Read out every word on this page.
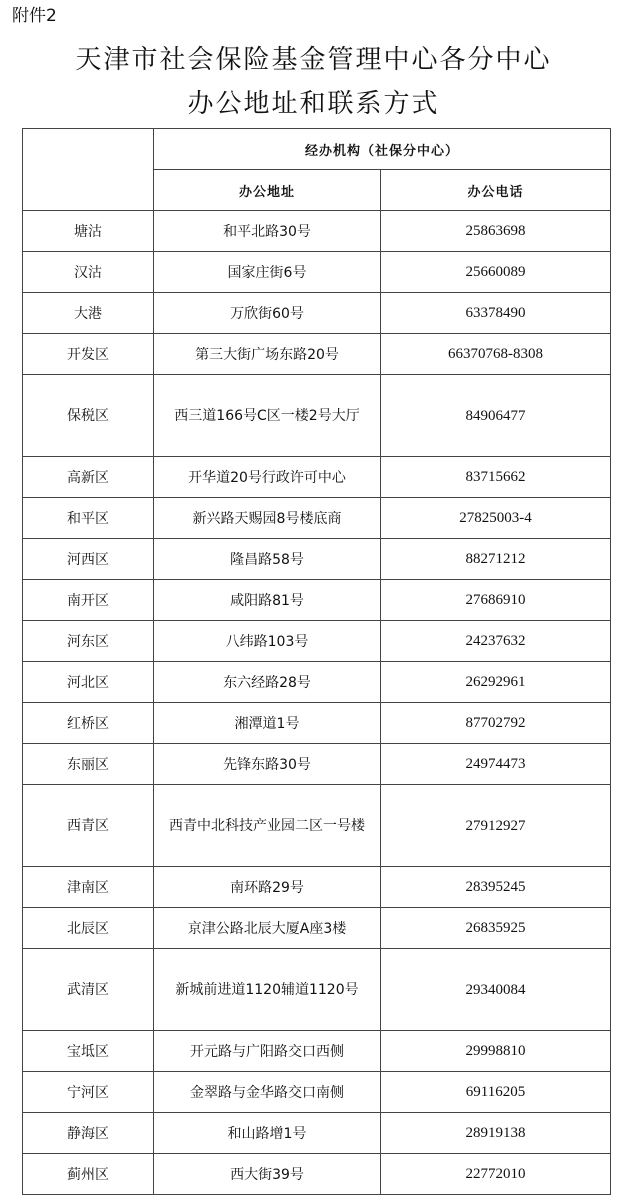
附件2
天津市社会保险基金管理中心各分中心
办公地址和联系方式
	经办机构（社保分中心）	
	办公地址	办公电话
塘沽	和平北路30号	25863698
汉沽	国家庄街6号	25660089
大港	万欣街60号	63378490
开发区	第三大街广场东路20号	66370768-8308
保税区	西三道166号C区一楼2号大厅	84906477
高新区	开华道20号行政许可中心	83715662
和平区	新兴路天赐园8号楼底商	27825003-4
河西区	隆昌路58号	88271212
南开区	咸阳路81号	27686910
河东区	八纬路103号	24237632
河北区	东六经路28号	26292961
红桥区	湘潭道1号	87702792
东丽区	先锋东路30号	24974473
西青区	西青中北科技产业园二区一号楼	27912927
津南区	南环路29号	28395245
北辰区	京津公路北辰大厦A座3楼	26835925
武清区	新城前进道1120辅道1120号	29340084
宝坻区	开元路与广阳路交口西侧	29998810
宁河区	金翠路与金华路交口南侧	69116205
静海区	和山路增1号	28919138
蓟州区	西大街39号	22772010
